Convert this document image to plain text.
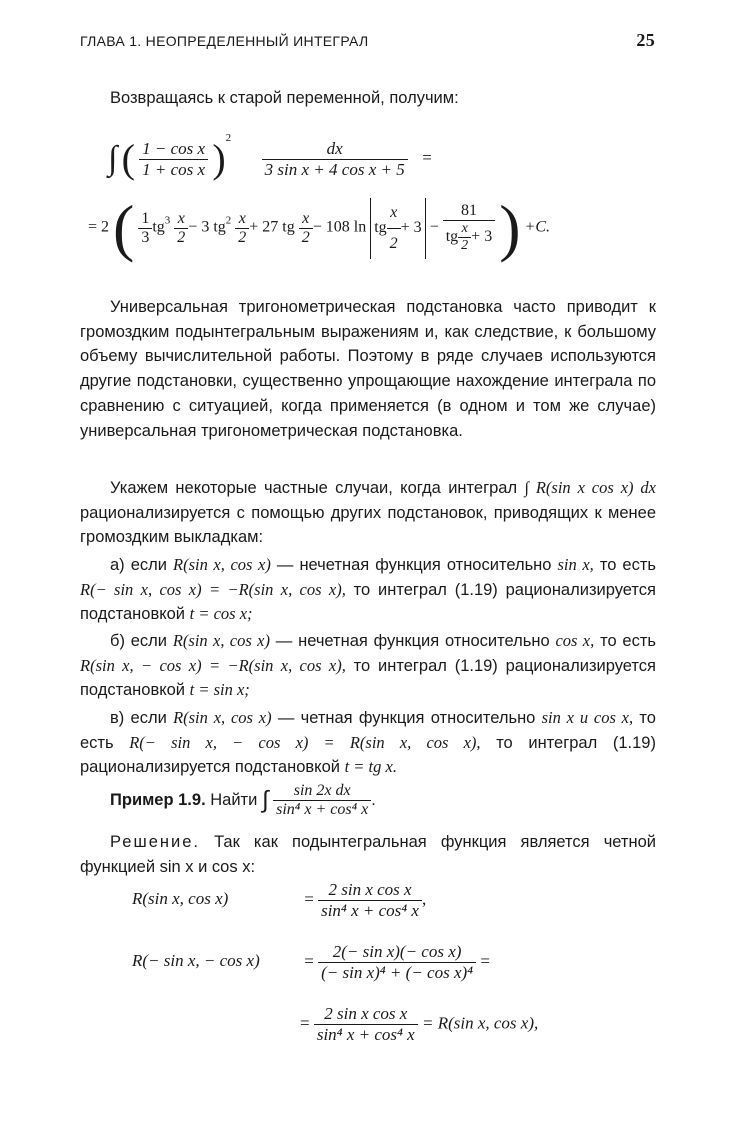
ГЛАВА 1. НЕОПРЕДЕЛЕННЫЙ ИНТЕГРАЛ	25
Возвращаясь к старой переменной, получим:
∫ ( $\frac{\text{1 − cos x}}{\text{1 + cos x}} )^2$
$\frac{dx}{\text{3 sin x + 4 cos x + 5}}$ =
= 2 ( $\frac{1}{3} tg^3 \frac{x}{2} - 3$ $tg^2 \frac{x}{2} + 27$ tg $\frac{x}{2} - 108$ ln tg $\frac{x}{2} + 3 - \frac{81}{tg \frac{x}{2} + 3}$ ) +C.
Универсальная тригонометрическая подстановка часто приводит к громоздким подынтегральным выражениям и, как следствие, к большому объему вычислительной работы. Поэтому в ряде случаев используются другие подстановки, существенно упрощающие нахождение интеграла по сравнению с ситуацией, когда применяется (в одном и том же случае) универсальная тригонометрическая подстановка.
Укажем некоторые частные случаи, когда интеграл ∫ R(sin x cos x) dx рационализируется с помощью других подстановок, приводящих к менее громоздким выкладкам:
а) если R(sin x, cos x) — нечетная функция относительно sin x, то есть R(− sin x, cos x) = −R(sin x, cos x), то интеграл (1.19) рационализируется подстановкой t = cos x;
б) если R(sin x, cos x) — нечетная функция относительно cos x, то есть R(sin x, − cos x) = −R(sin x, cos x), то интеграл (1.19) рационализируется подстановкой t = sin x;
в) если R(sin x, cos x) — четная функция относительно sin x и cos x, то есть R(− sin x, − cos x) = R(sin x, cos x), то интеграл (1.19) рационализируется подстановкой t = tg x.
Пример 1.9. Найти ∫ $\frac{\text{sin 2x dx}}{\text{sin⁴ x + cos⁴ x}}$ .
Решение. Так как подынтегральная функция является четной функцией sin x и cos x:
R(sin x, cos x)	= $\frac{\text{2 sin x cos x}}{\text{sin⁴ x + cos⁴ x}}$ ,
R(− sin x, − cos x)	= $\frac{\text{2(− sin x)(− cos x)}}{\text{(− sin x)⁴ + (− cos x)⁴}}$ =
= $\frac{\text{2 sin x cos x}}{\text{sin⁴ x + cos⁴ x}} = R(\sin$ x, cos x),
